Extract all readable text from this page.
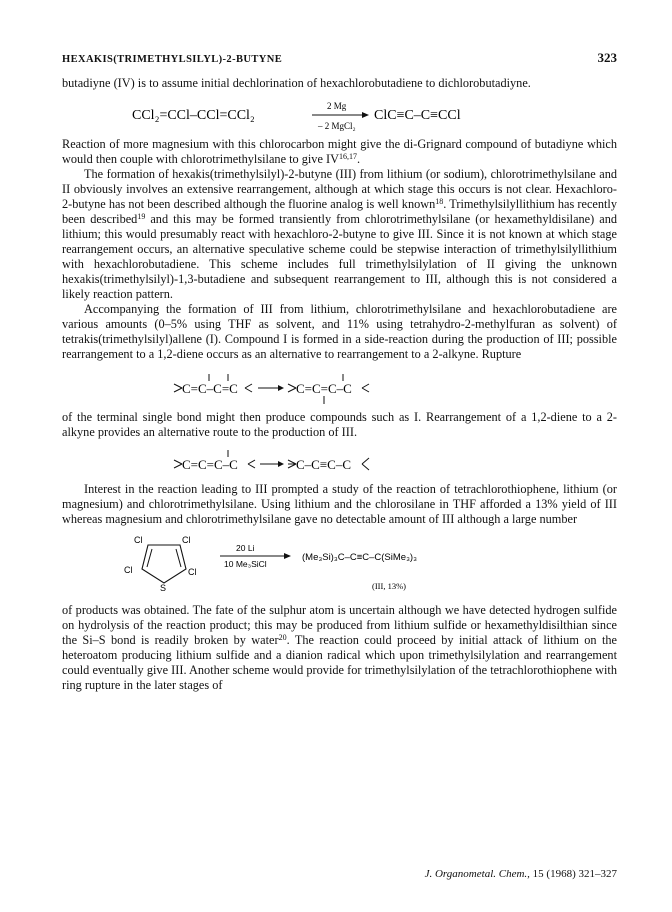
HEXAKIS(TRIMETHYLSILYL)-2-BUTYNE	323

butadiyne (IV) is to assume initial dechlorination of hexachlorobutadiene to dichlorobutadiyne.

CCl₂=CCl–CCl=CCl₂
2 Mg
– 2 MgCl₂
ClC≡C–C≡CCl

Reaction of more magnesium with this chlorocarbon might give the di-Grignard compound of butadiyne which would then couple with chlorotrimethylsilane to give IV$^{16,17}$.

The formation of hexakis(trimethylsilyl)-2-butyne (III) from lithium (or sodium), chlorotrimethylsilane and II obviously involves an extensive rearrangement, although at which stage this occurs is not clear. Hexachloro-2-butyne has not been described although the fluorine analog is well known$^{18}$. Trimethylsilyllithium has recently been described$^{19}$ and this may be formed transiently from chlorotrimethylsilane (or hexamethyldisilane) and lithium; this would presumably react with hexachloro-2-butyne to give III. Since it is not known at which stage rearrangement occurs, an alternative speculative scheme could be stepwise interaction of trimethylsilyllithium with hexachlorobutadiene. This scheme includes full trimethylsilylation of II giving the unknown hexakis(trimethylsilyl)-1,3-butadiene and subsequent rearrangement to III, although this is not considered a likely reaction pattern.

Accompanying the formation of III from lithium, chlorotrimethylsilane and hexachlorobutadiene are various amounts (0–5% using THF as solvent, and 11% using tetrahydro-2-methylfuran as solvent) of tetrakis(trimethylsilyl)allene (I). Compound I is formed in a side-reaction during the production of III; possible rearrangement to a 1,2-diene occurs as an alternative to rearrangement to a 2-alkyne. Rupture

C=C–C=C	C=C=C–C

of the terminal single bond might then produce compounds such as I. Rearrangement of a 1,2-diene to a 2-alkyne provides an alternative route to the production of III.

C=C=C–C	C–C≡C–C

Interest in the reaction leading to III prompted a study of the reaction of tetrachlorothiophene, lithium (or magnesium) and chlorotrimethylsilane. Using lithium and the chlorosilane in THF afforded a 13% yield of III whereas magnesium and chlorotrimethylsilane gave no detectable amount of III although a large number

Cl	Cl
Cl	Cl
S
20 Li
10 Me₃SiCl
(Me₃Si)₃C–C≡C–C(SiMe₃)₃
(III, 13%)

of products was obtained. The fate of the sulphur atom is uncertain although we have detected hydrogen sulfide on hydrolysis of the reaction product; this may be produced from lithium sulfide or hexamethyldisilthian since the Si–S bond is readily broken by water$^{20}$. The reaction could proceed by initial attack of lithium on the heteroatom producing lithium sulfide and a dianion radical which upon trimethylsilylation and rearrangement could eventually give III. Another scheme would provide for trimethylsilylation of the tetrachlorothiophene with ring rupture in the later stages of

J. Organometal. Chem., 15 (1968) 321–327
